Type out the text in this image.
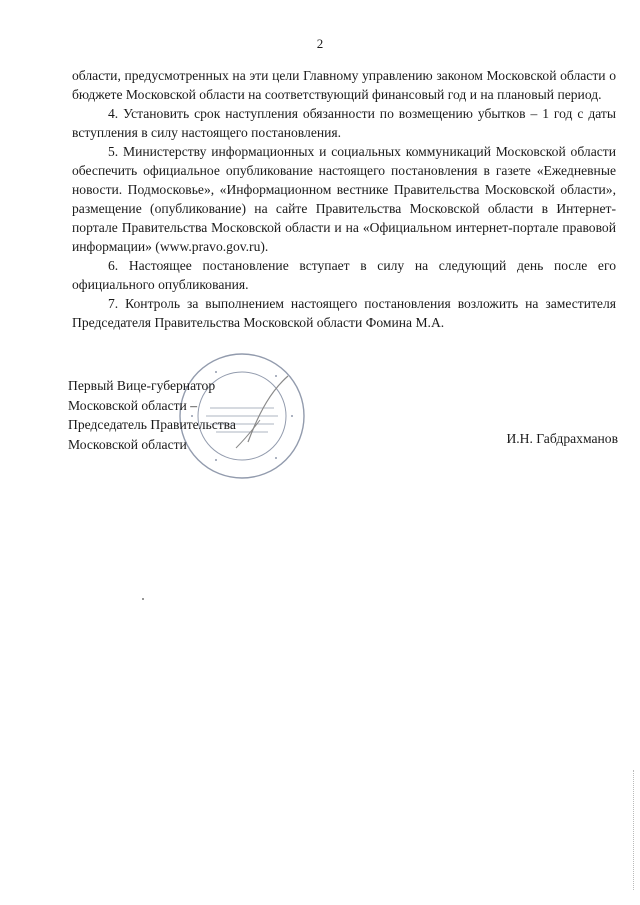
2

области, предусмотренных на эти цели Главному управлению законом Московской области о бюджете Московской области на соответствующий финансовый год и на плановый период.

4. Установить срок наступления обязанности по возмещению убытков – 1 год с даты вступления в силу настоящего постановления.

5. Министерству информационных и социальных коммуникаций Московской области обеспечить официальное опубликование настоящего постановления в газете «Ежедневные новости. Подмосковье», «Информационном вестнике Правительства Московской области», размещение (опубликование) на сайте Правительства Московской области в Интернет-портале Правительства Московской области и на «Официальном интернет-портале правовой информации» (www.pravo.gov.ru).

6. Настоящее постановление вступает в силу на следующий день после его официального опубликования.

7. Контроль за выполнением настоящего постановления возложить на заместителя Председателя Правительства Московской области Фомина М.А.

Первый Вице-губернатор
Московской области –
Председатель Правительства
Московской области	И.Н. Габдрахманов
